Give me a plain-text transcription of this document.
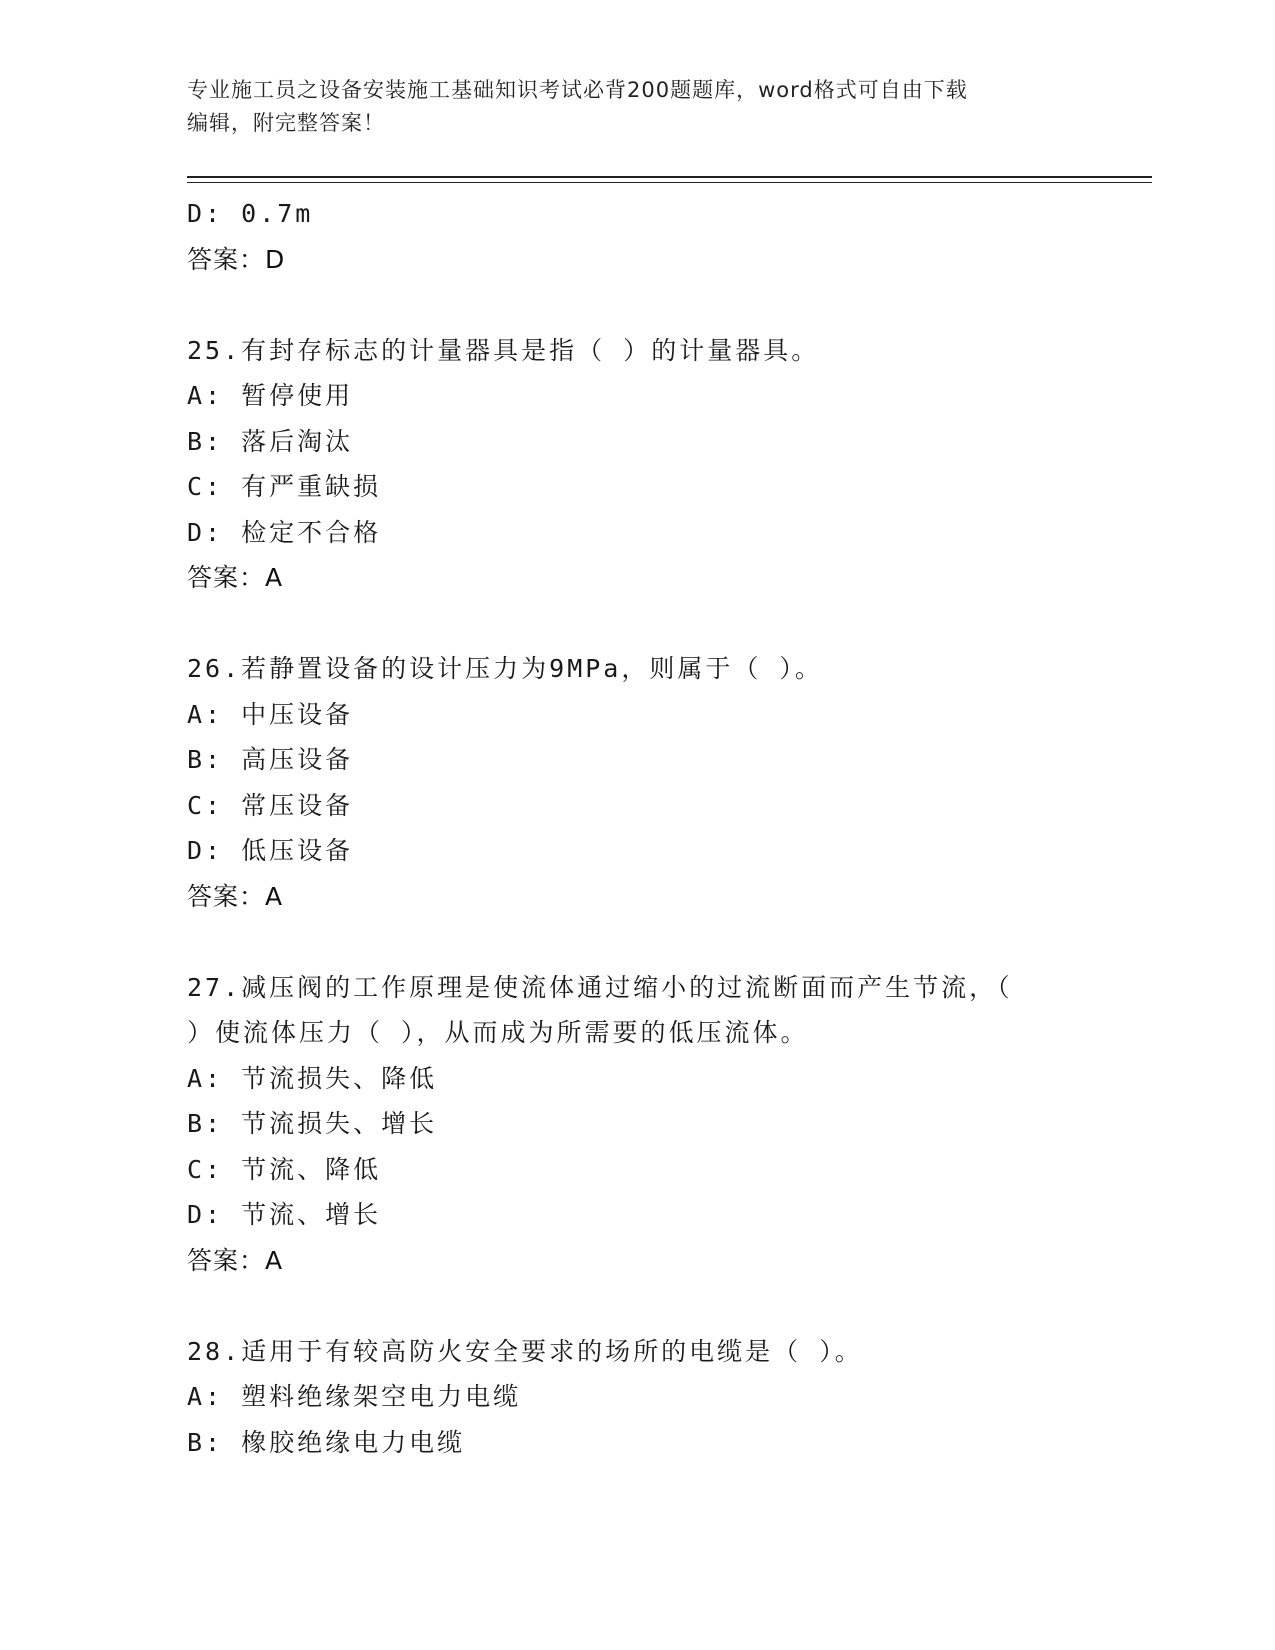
专业施工员之设备安装施工基础知识考试必背200题题库，word格式可自由下载
编辑，附完整答案！
D: 0.7m
答案：D
25.有封存标志的计量器具是指（ ）的计量器具。
A: 暂停使用
B: 落后淘汰
C: 有严重缺损
D: 检定不合格
答案：A
26.若静置设备的设计压力为9MPa，则属于（ ）。
A: 中压设备
B: 高压设备
C: 常压设备
D: 低压设备
答案：A
27.减压阀的工作原理是使流体通过缩小的过流断面而产生节流，（
）使流体压力（ ），从而成为所需要的低压流体。
A: 节流损失、降低
B: 节流损失、增长
C: 节流、降低
D: 节流、增长
答案：A
28.适用于有较高防火安全要求的场所的电缆是（ ）。
A: 塑料绝缘架空电力电缆
B: 橡胶绝缘电力电缆
